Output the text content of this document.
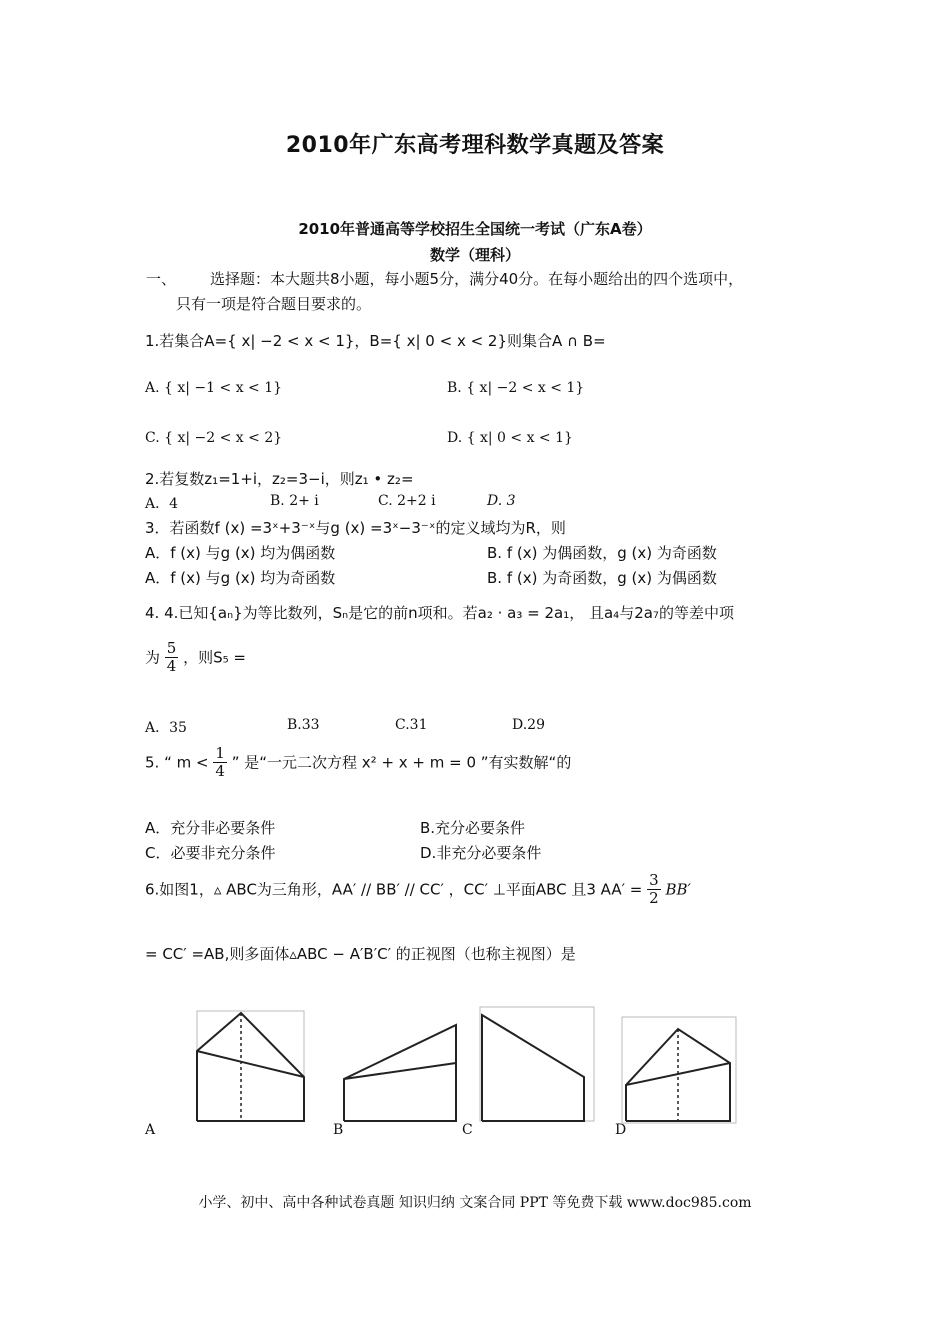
2010年广东高考理科数学真题及答案
2010年普通高等学校招生全国统一考试（广东A卷）
数学（理科）
一、 选择题：本大题共8小题，每小题5分，满分40分。在每小题给出的四个选项中，
只有一项是符合题目要求的。
1.若集合A={ x| −2 < x < 1}，B={ x| 0 < x < 2}则集合A ∩ B=
A. { x| −1 < x < 1}	B. { x| −2 < x < 1}
C. { x| −2 < x < 2}	D. { x| 0 < x < 1}
2.若复数z₁=1+i，z₂=3−i，则z₁ • z₂=
A．4	B. 2+ i	C. 2+2 i	D. 3
3．若函数f (x) =3ˣ+3⁻ˣ与g (x) =3ˣ−3⁻ˣ的定义域均为R，则
A．f (x) 与g (x) 均为偶函数	B. f (x) 为偶函数，g (x) 为奇函数
A．f (x) 与g (x) 均为奇函数	B. f (x) 为奇函数，g (x) 为偶函数
4. 4.已知{aₙ}为等比数列，Sₙ是它的前n项和。若a₂ · a₃ = 2a₁， 且a₄与2a₇的等差中项
为 $\frac{5}{4}$ ，则S₅ =
A．35	B.33	C.31	D.29
5. “ $m < \frac{1}{4}$ ” 是“一元二次方程 x² + x + m = 0 ”有实数解“的
A．充分非必要条件	B.充分必要条件
C．必要非充分条件	D.非充分必要条件
6.如图1，▵ ABC为三角形，AA′ // BB′ // CC′ ，CC′ ⊥平面ABC 且3 $AA' = \frac{3}{2} BB'$
= CC′ =AB,则多面体▵ABC − A′B′C′ 的正视图（也称主视图）是
A	B	C	D
小学、初中、高中各种试卷真题 知识归纳 文案合同 PPT 等免费下载 www.doc985.com
